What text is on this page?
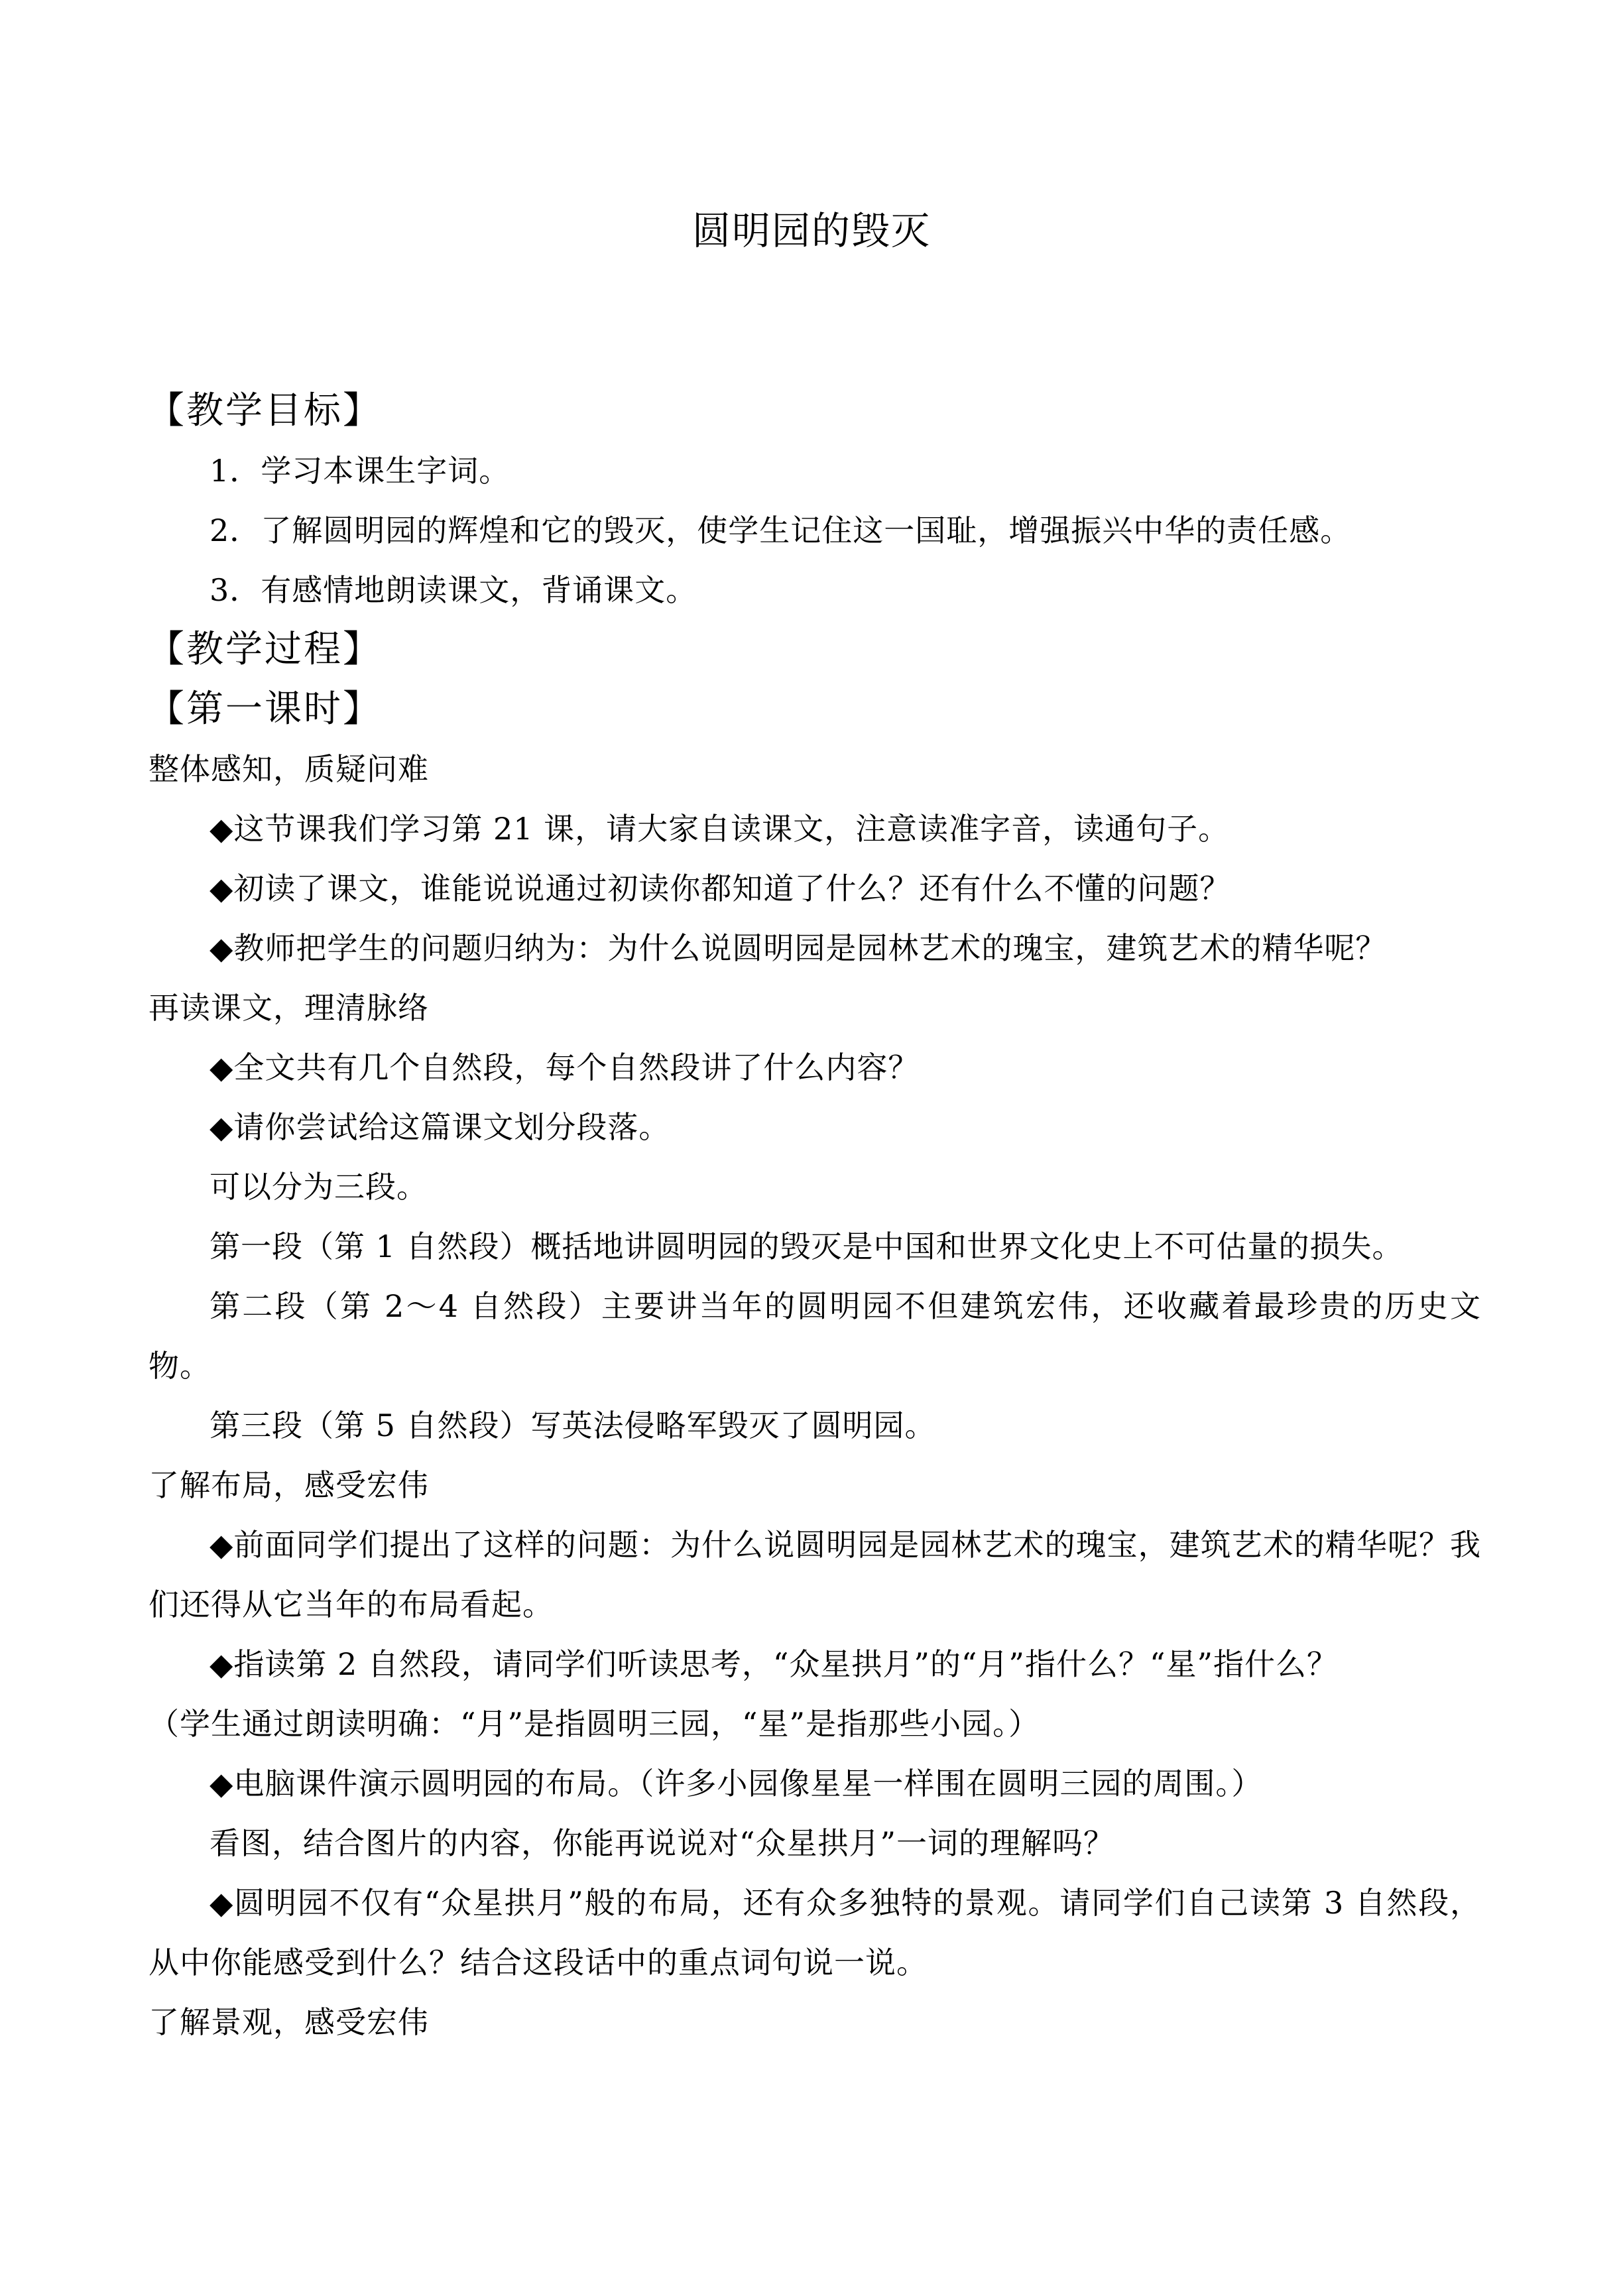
圆明园的毁灭
【教学目标】
1．学习本课生字词。
2．了解圆明园的辉煌和它的毁灭，使学生记住这一国耻，增强振兴中华的责任感。
3．有感情地朗读课文，背诵课文。
【教学过程】
【第一课时】
整体感知，质疑问难
◆这节课我们学习第 21 课，请大家自读课文，注意读准字音，读通句子。
◆初读了课文，谁能说说通过初读你都知道了什么？还有什么不懂的问题？
◆教师把学生的问题归纳为：为什么说圆明园是园林艺术的瑰宝，建筑艺术的精华呢？
再读课文，理清脉络
◆全文共有几个自然段，每个自然段讲了什么内容？
◆请你尝试给这篇课文划分段落。
可以分为三段。
第一段（第 1 自然段）概括地讲圆明园的毁灭是中国和世界文化史上不可估量的损失。
第二段（第 2～4 自然段）主要讲当年的圆明园不但建筑宏伟，还收藏着最珍贵的历史文物。
第三段（第 5 自然段）写英法侵略军毁灭了圆明园。
了解布局，感受宏伟
◆前面同学们提出了这样的问题：为什么说圆明园是园林艺术的瑰宝，建筑艺术的精华呢？我们还得从它当年的布局看起。
◆指读第 2 自然段，请同学们听读思考，“众星拱月”的“月”指什么？“星”指什么？
（学生通过朗读明确：“月”是指圆明三园，“星”是指那些小园。）
◆电脑课件演示圆明园的布局。（许多小园像星星一样围在圆明三园的周围。）
看图，结合图片的内容，你能再说说对“众星拱月”一词的理解吗？
◆圆明园不仅有“众星拱月”般的布局，还有众多独特的景观。请同学们自己读第 3 自然段，从中你能感受到什么？结合这段话中的重点词句说一说。
了解景观，感受宏伟
